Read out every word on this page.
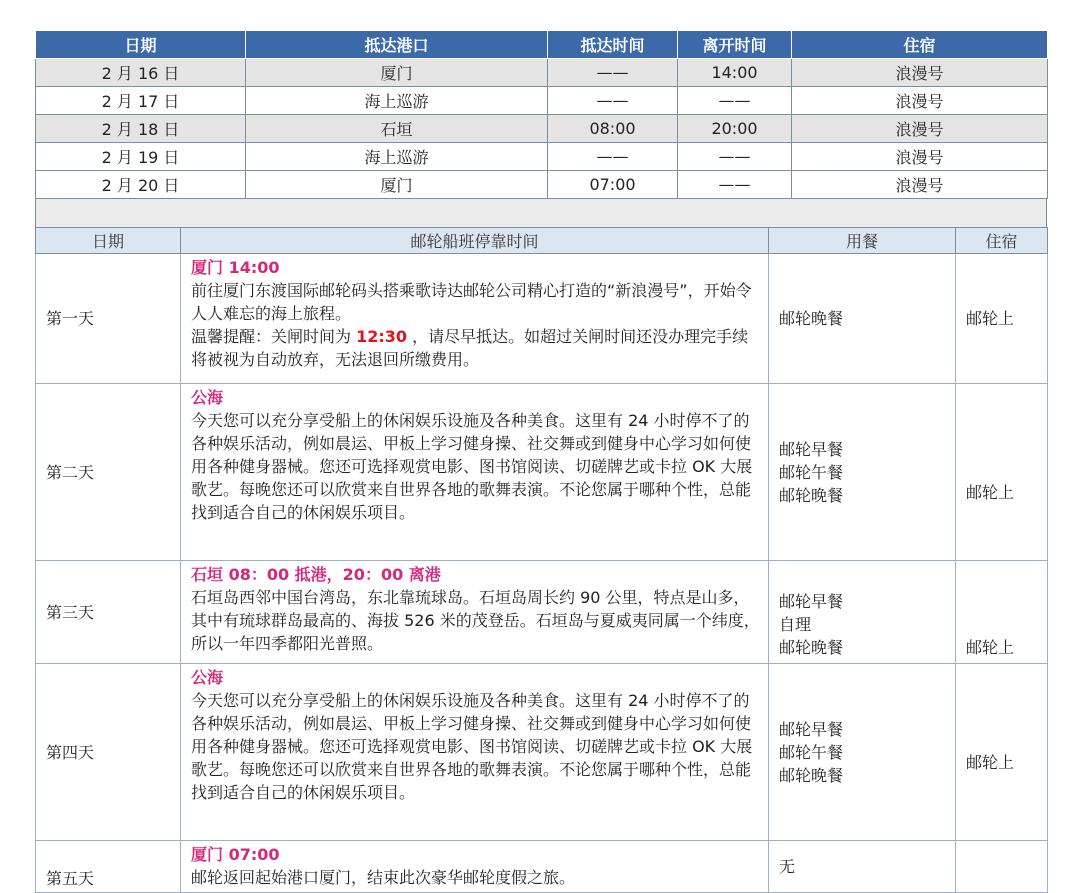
日期	抵达港口	抵达时间	离开时间	住宿
2 月 16 日	厦门	——	14:00	浪漫号
2 月 17 日	海上巡游	——	——	浪漫号
2 月 18 日	石垣	08:00	20:00	浪漫号
2 月 19 日	海上巡游	——	——	浪漫号
2 月 20 日	厦门	07:00	——	浪漫号
日期	邮轮船班停靠时间	用餐	住宿
第一天	厦门 14:00
前往厦门东渡国际邮轮码头搭乘歌诗达邮轮公司精心打造的“新浪漫号”，开始令人人难忘的海上旅程。
温馨提醒：关闸时间为 12:30 ，请尽早抵达。如超过关闸时间还没办理完手续将被视为自动放弃，无法退回所缴费用。	邮轮晚餐	邮轮上
第二天	公海
今天您可以充分享受船上的休闲娱乐设施及各种美食。这里有 24 小时停不了的各种娱乐活动，例如晨运、甲板上学习健身操、社交舞或到健身中心学习如何使用各种健身器械。您还可选择观赏电影、图书馆阅读、切磋牌艺或卡拉 OK 大展歌艺。每晚您还可以欣赏来自世界各地的歌舞表演。不论您属于哪种个性，总能找到适合自己的休闲娱乐项目。	邮轮早餐
邮轮午餐
邮轮晚餐	邮轮上
第三天	石垣 08：00 抵港，20：00 离港
石垣岛西邻中国台湾岛，东北靠琉球岛。石垣岛周长约 90 公里，特点是山多，其中有琉球群岛最高的、海拔 526 米的茂登岳。石垣岛与夏威夷同属一个纬度，所以一年四季都阳光普照。	邮轮早餐
自理
邮轮晚餐	邮轮上
第四天	公海
今天您可以充分享受船上的休闲娱乐设施及各种美食。这里有 24 小时停不了的各种娱乐活动，例如晨运、甲板上学习健身操、社交舞或到健身中心学习如何使用各种健身器械。您还可选择观赏电影、图书馆阅读、切磋牌艺或卡拉 OK 大展歌艺。每晚您还可以欣赏来自世界各地的歌舞表演。不论您属于哪种个性，总能找到适合自己的休闲娱乐项目。	邮轮早餐
邮轮午餐
邮轮晚餐	邮轮上
第五天	厦门 07:00
邮轮返回起始港口厦门，结束此次豪华邮轮度假之旅。	无	
